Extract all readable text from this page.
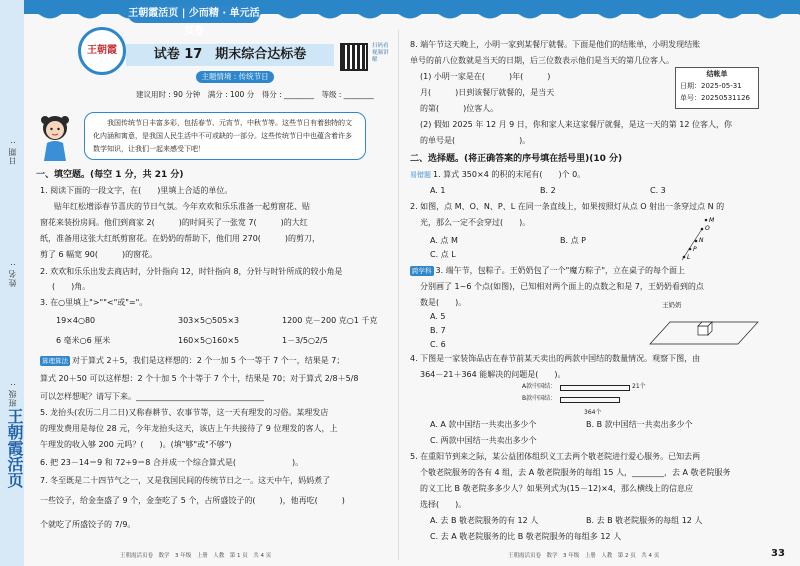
日期 :
姓名 :
班级 :
王朝霞活页
王朝霞活页 | 少而精 · 单元活页卷
王朝霞	试卷 17　期末综合达标卷
扫码看视频讲解
主题情境 : 传统节日
建议用时 : 90 分钟　满分 : 100 分　得分 : ________　等级 : ________
我国传统节日丰富多彩，包括春节、元宵节、中秋节等。这些节日有着独特的文化内涵和寓意，是我国人民生活中不可或缺的一部分。这些传统节日中也蕴含着许多数学知识，让我们一起来感受下吧！
一、填空题。(每空 1 分，共 21 分)
1. 阅读下面的一段文字，在(　　)里填上合适的单位。
贴年红松增添春节喜庆的节日气氛。今年欢欢和乐乐准备一起剪窗花、贴
窗花来装扮房间。他们到商家 2(　　　)的时间买了一张宽 7(　　　)的大红
纸，准备用这张大红纸剪窗花。在奶奶的帮助下，他们用 270(　　　)的剪刀，
剪了 6 幅宽 90(　　　)的窗花。
2. 欢欢和乐乐出发去商店时，分针指向 12，时针指向 8，分针与时针所成的较小角是
(　　)角。
3. 在○里填上">""<"或"="。
19×4○80	303×5○505×3	1200 克－200 克○1 千克
6 毫米○6 厘米	160×5○160×5	1－3/5○2/5
算理算法 对于算式 2＋5，我们是这样想的：2 个一加 5 个一等于 7 个一，结果是 7；
算式 20＋50 可以这样想：2 个十加 5 个十等于 7 个十，结果是 70；对于算式 2/8＋5/8
可以怎样想呢？请写下来。________________________________
5. 龙抬头(农历二月二日)又称春耕节、农事节等，这一天有理发的习俗。某理发店
的理发费用是每位 28 元，今年龙抬头这天，该店上午共接待了 9 位理发的客人，上
午理发的收入够 200 元吗？(　　)。(填"够"或"不够")
6. 把 23－14＝9 和 72÷9＝8 合并成一个综合算式是(　　　　　　　)。
7. 冬至既是二十四节气之一，又是我国民间的传统节日之一。这天中午，妈妈煮了
一些饺子，给金奎盛了 9 个，金奎吃了 5 个，占所盛饺子的(　　　)，他再吃(　　　)
个就吃了所盛饺子的 7/9。
王朝霞活页卷　数学　3 年级　上册　人教　第 1 页　共 4 页
8. 端午节这天晚上，小明一家到某餐厅就餐。下面是他们的结账单，小明发现结账
单号的前八位数就是当天的日期，后三位数表示他们是当天的第几位客人。
(1) 小明一家是在(　　　)年(　　　)
月(　　　)日到该餐厅就餐的，是当天
的第(　　　)位客人。
结帐单
日期：2025-05-31
单号：20250531126
(2) 假如 2025 年 12 月 9 日，你和家人来这家餐厅就餐，是这一天的第 12 位客人，你
的单号是(　　　　　　　　)。
二、选择题。(将正确答案的序号填在括号里)(10 分)
易错题 1. 算式 350×4 的积的末尾有(　　)个 0。
A. 1	B. 2	C. 3
2. 如图，点 M、O、N、P、L 在同一条直线上，如果按照灯从点 O 射出一条穿过点 N 的
光，那么一定不会穿过(　　)。
A. 点 M	B. 点 P
C. 点 L
M
O
N
P
L
跨学科 3. 端午节，包粽子。王奶奶包了一个"魔方粽子"，立在桌子的每个面上
分别画了 1~6 个点(如图)，已知相对两个面上的点数之和是 7，王奶奶看到的点
数是(　　)。
A. 5
B. 7
C. 6
王奶奶
4. 下图是一家装饰品店在春节前某天卖出的两款中国结的数量情况。观察下图，由
364－21＋364 能解决的问题是(　　)。
A款中国结：
B款中国结：
21个
364个
A. A 款中国结一共卖出多少个	B. B 款中国结一共卖出多少个
C. 两款中国结一共卖出多少个
5. 在重阳节到来之际，某公益团体组织义工去两个敬老院进行爱心服务。已知去两
个敬老院服务的各有 4 组，去 A 敬老院服务的每组 15 人，________，去 A 敬老院服务
的义工比 B 敬老院多多少人？如果列式为(15－12)×4，那么横线上的信息应
选择(　　)。
A. 去 B 敬老院服务的有 12 人	B. 去 B 敬老院服务的每组 12 人
C. 去 A 敬老院服务的比 B 敬老院服务的每组多 12 人
王朝霞活页卷　数学　3 年级　上册　人教　第 2 页　共 4 页	33
